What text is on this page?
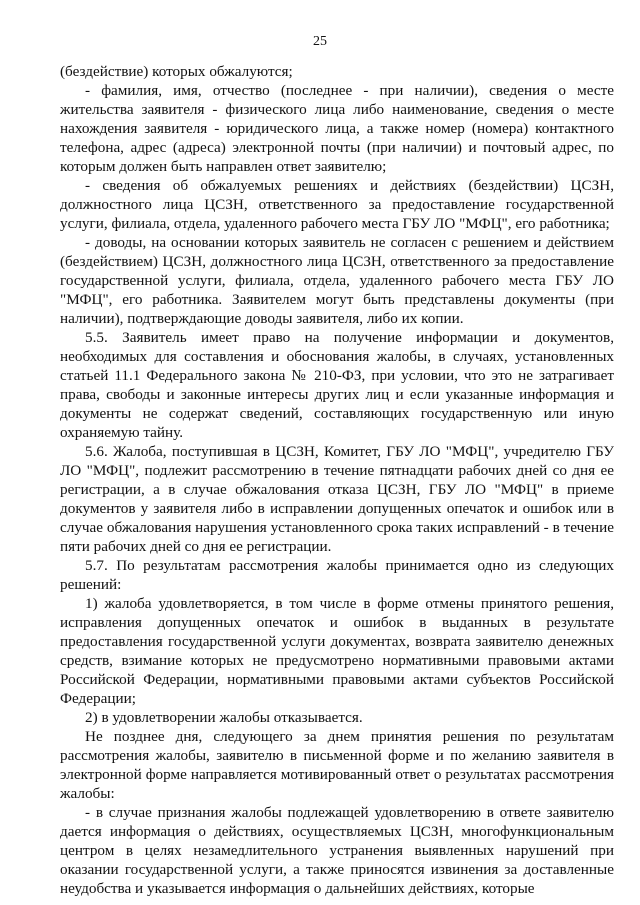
25

(бездействие) которых обжалуются;

- фамилия, имя, отчество (последнее - при наличии), сведения о месте жительства заявителя - физического лица либо наименование, сведения о месте нахождения заявителя - юридического лица, а также номер (номера) контактного телефона, адрес (адреса) электронной почты (при наличии) и почтовый адрес, по которым должен быть направлен ответ заявителю;

- сведения об обжалуемых решениях и действиях (бездействии) ЦСЗН, должностного лица ЦСЗН, ответственного за предоставление государственной услуги, филиала, отдела, удаленного рабочего места ГБУ ЛО "МФЦ", его работника;

- доводы, на основании которых заявитель не согласен с решением и действием (бездействием) ЦСЗН, должностного лица ЦСЗН, ответственного за предоставление государственной услуги, филиала, отдела, удаленного рабочего места ГБУ ЛО "МФЦ", его работника. Заявителем могут быть представлены документы (при наличии), подтверждающие доводы заявителя, либо их копии.

5.5. Заявитель имеет право на получение информации и документов, необходимых для составления и обоснования жалобы, в случаях, установленных статьей 11.1 Федерального закона № 210-ФЗ, при условии, что это не затрагивает права, свободы и законные интересы других лиц и если указанные информация и документы не содержат сведений, составляющих государственную или иную охраняемую тайну.

5.6. Жалоба, поступившая в ЦСЗН, Комитет, ГБУ ЛО "МФЦ", учредителю ГБУ ЛО "МФЦ", подлежит рассмотрению в течение пятнадцати рабочих дней со дня ее регистрации, а в случае обжалования отказа ЦСЗН, ГБУ ЛО "МФЦ" в приеме документов у заявителя либо в исправлении допущенных опечаток и ошибок или в случае обжалования нарушения установленного срока таких исправлений - в течение пяти рабочих дней со дня ее регистрации.

5.7. По результатам рассмотрения жалобы принимается одно из следующих решений:

1) жалоба удовлетворяется, в том числе в форме отмены принятого решения, исправления допущенных опечаток и ошибок в выданных в результате предоставления государственной услуги документах, возврата заявителю денежных средств, взимание которых не предусмотрено нормативными правовыми актами Российской Федерации, нормативными правовыми актами субъектов Российской Федерации;

2) в удовлетворении жалобы отказывается.

Не позднее дня, следующего за днем принятия решения по результатам рассмотрения жалобы, заявителю в письменной форме и по желанию заявителя в электронной форме направляется мотивированный ответ о результатах рассмотрения жалобы:

- в случае признания жалобы подлежащей удовлетворению в ответе заявителю дается информация о действиях, осуществляемых ЦСЗН, многофункциональным центром в целях незамедлительного устранения выявленных нарушений при оказании государственной услуги, а также приносятся извинения за доставленные неудобства и указывается информация о дальнейших действиях, которые
